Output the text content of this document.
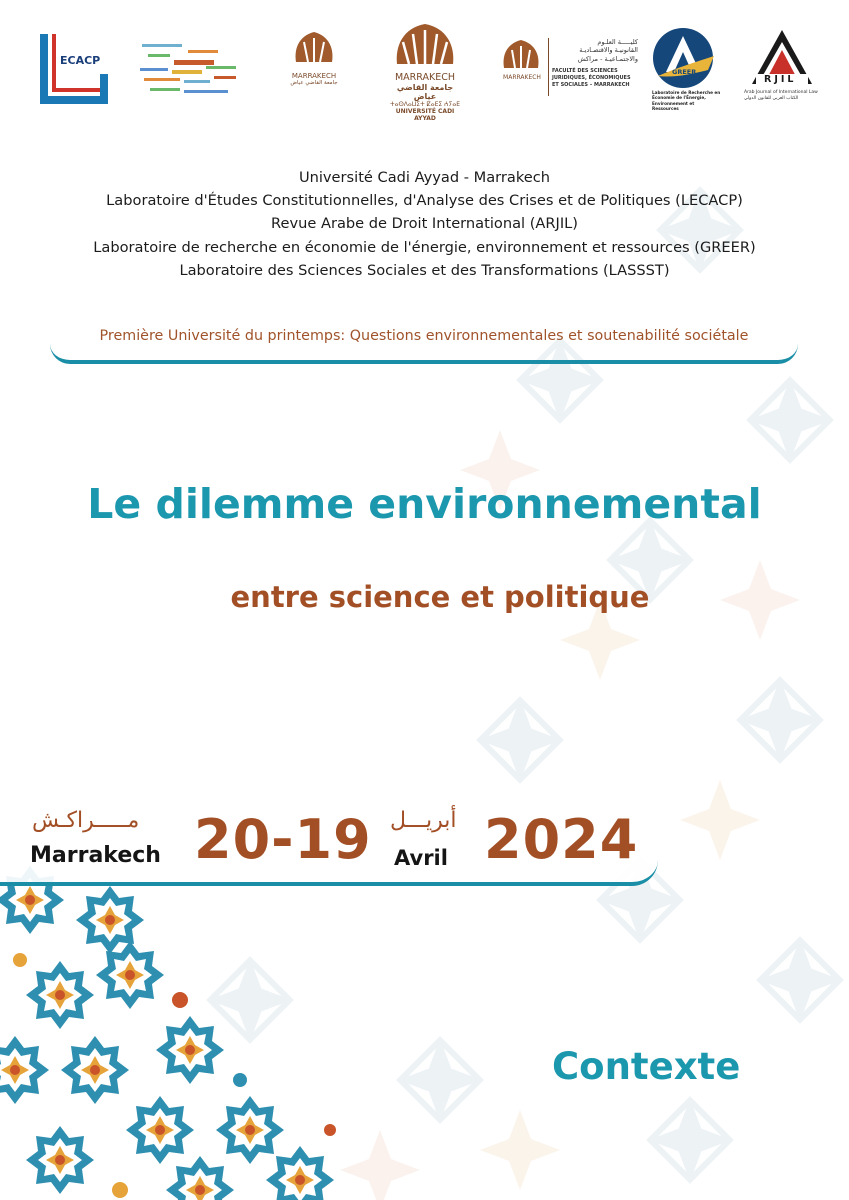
ECACP
MARRAKECH
جامعة القاضي عياض	MARRAKECH
جامعة القاضي عياض
ⵜⴰⵙⴷⴰⵡⵉⵜ ⵇⴰⴹⵉ ⵄⵢⴰⴹ
UNIVERSITÉ CADI AYYAD
MARRAKECH
كليـــــة العلـوم
القانونيـة والاقتصـاديـة
والاجتمـاعيـة - مراكش
FACULTÉ DES SCIENCES
JURIDIQUES, ÉCONOMIQUES
ET SOCIALES – MARRAKECH
GREER
Laboratoire de Recherche en
Économie de l'Énergie,
Environnement et Ressources
RJIL
Arab Journal of International Law
الكتاب العربي للقانون الدولي
Université Cadi Ayyad - Marrakech
Laboratoire d'Études Constitutionnelles, d'Analyse des Crises et de Politiques (LECACP)
Revue Arabe de Droit International (ARJIL)
Laboratoire de recherche en économie de l'énergie, environnement et ressources (GREER)
Laboratoire des Sciences Sociales et des Transformations (LASSST)
Première Université du printemps: Questions environnementales et soutenabilité sociétale
Le dilemme environnemental
entre science et politique
مـــــراكـش
Marrakech 20-19 أبريـــل
Avril 2024
Contexte
